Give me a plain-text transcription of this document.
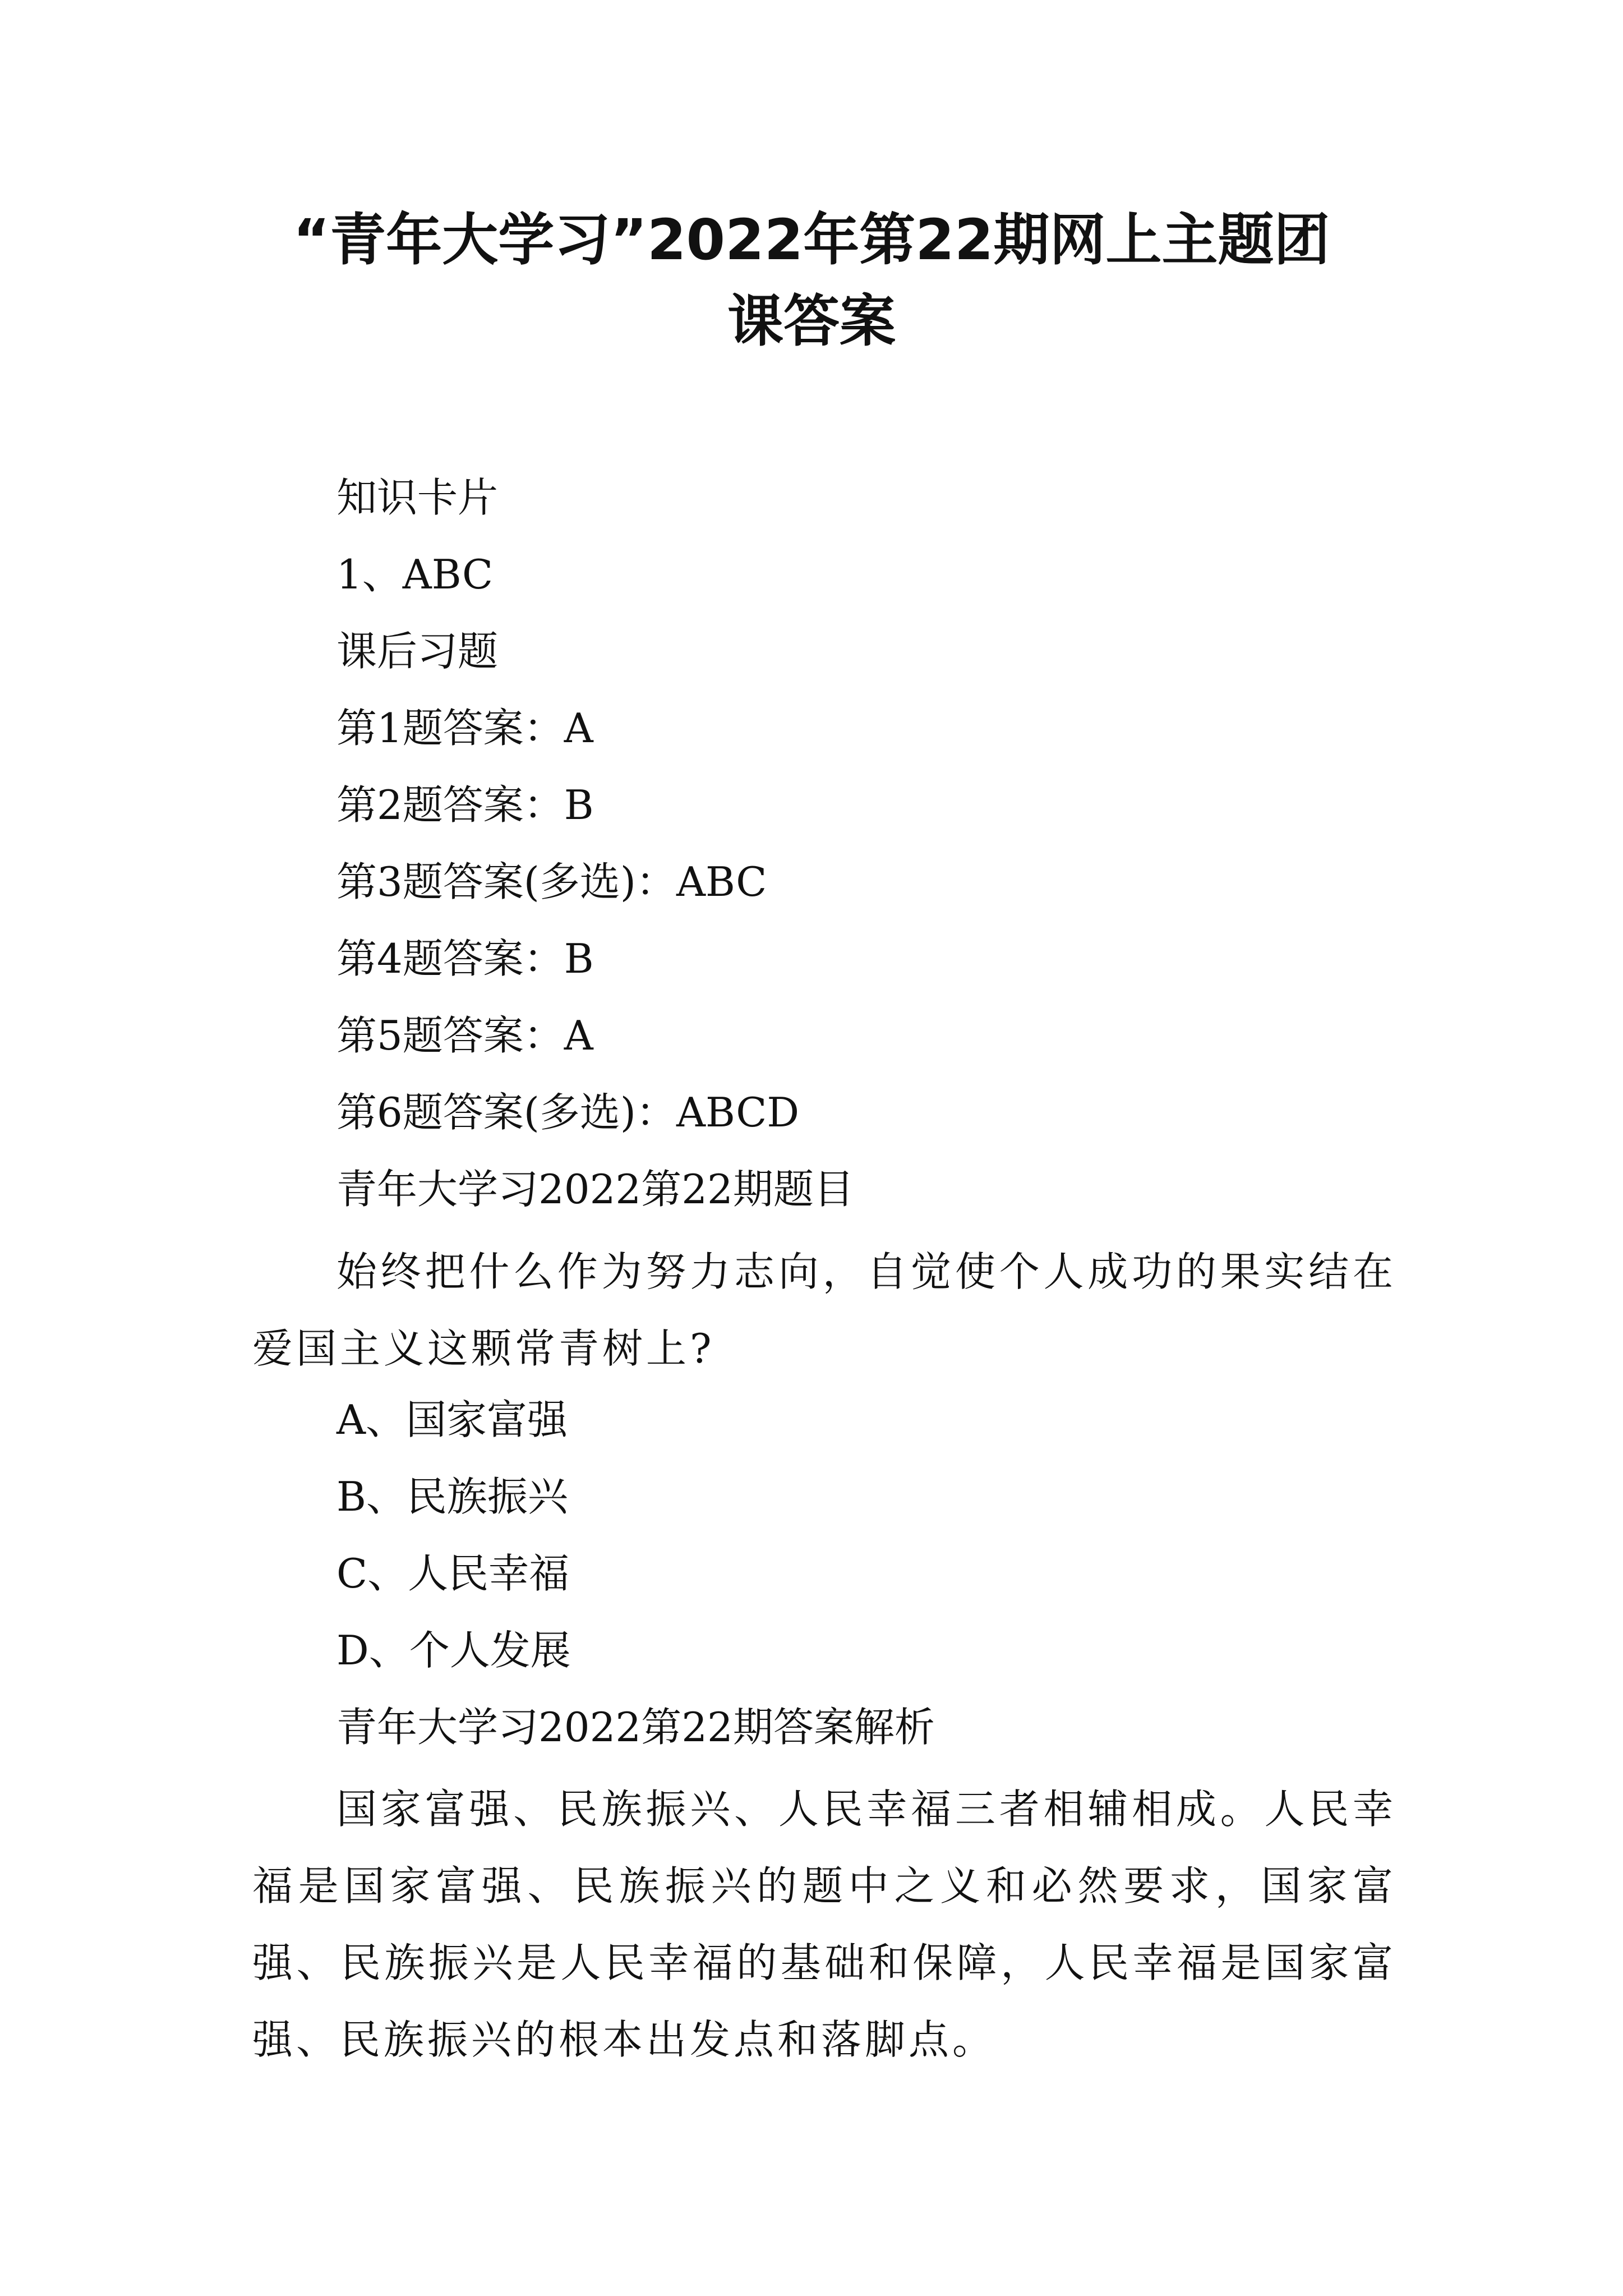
“青年大学习”2022年第22期网上主题团
课答案

知识卡片

1、ABC

课后习题

第1题答案：A

第2题答案：B

第3题答案(多选)：ABC

第4题答案：B

第5题答案：A

第6题答案(多选)：ABCD

青年大学习2022第22期题目

始终把什么作为努力志向，自觉使个人成功的果实结在爱国主义这颗常青树上?

A、国家富强

B、民族振兴

C、人民幸福

D、个人发展

青年大学习2022第22期答案解析

国家富强、民族振兴、人民幸福三者相辅相成。人民幸福是国家富强、民族振兴的题中之义和必然要求，国家富强、民族振兴是人民幸福的基础和保障，人民幸福是国家富强、民族振兴的根本出发点和落脚点。
